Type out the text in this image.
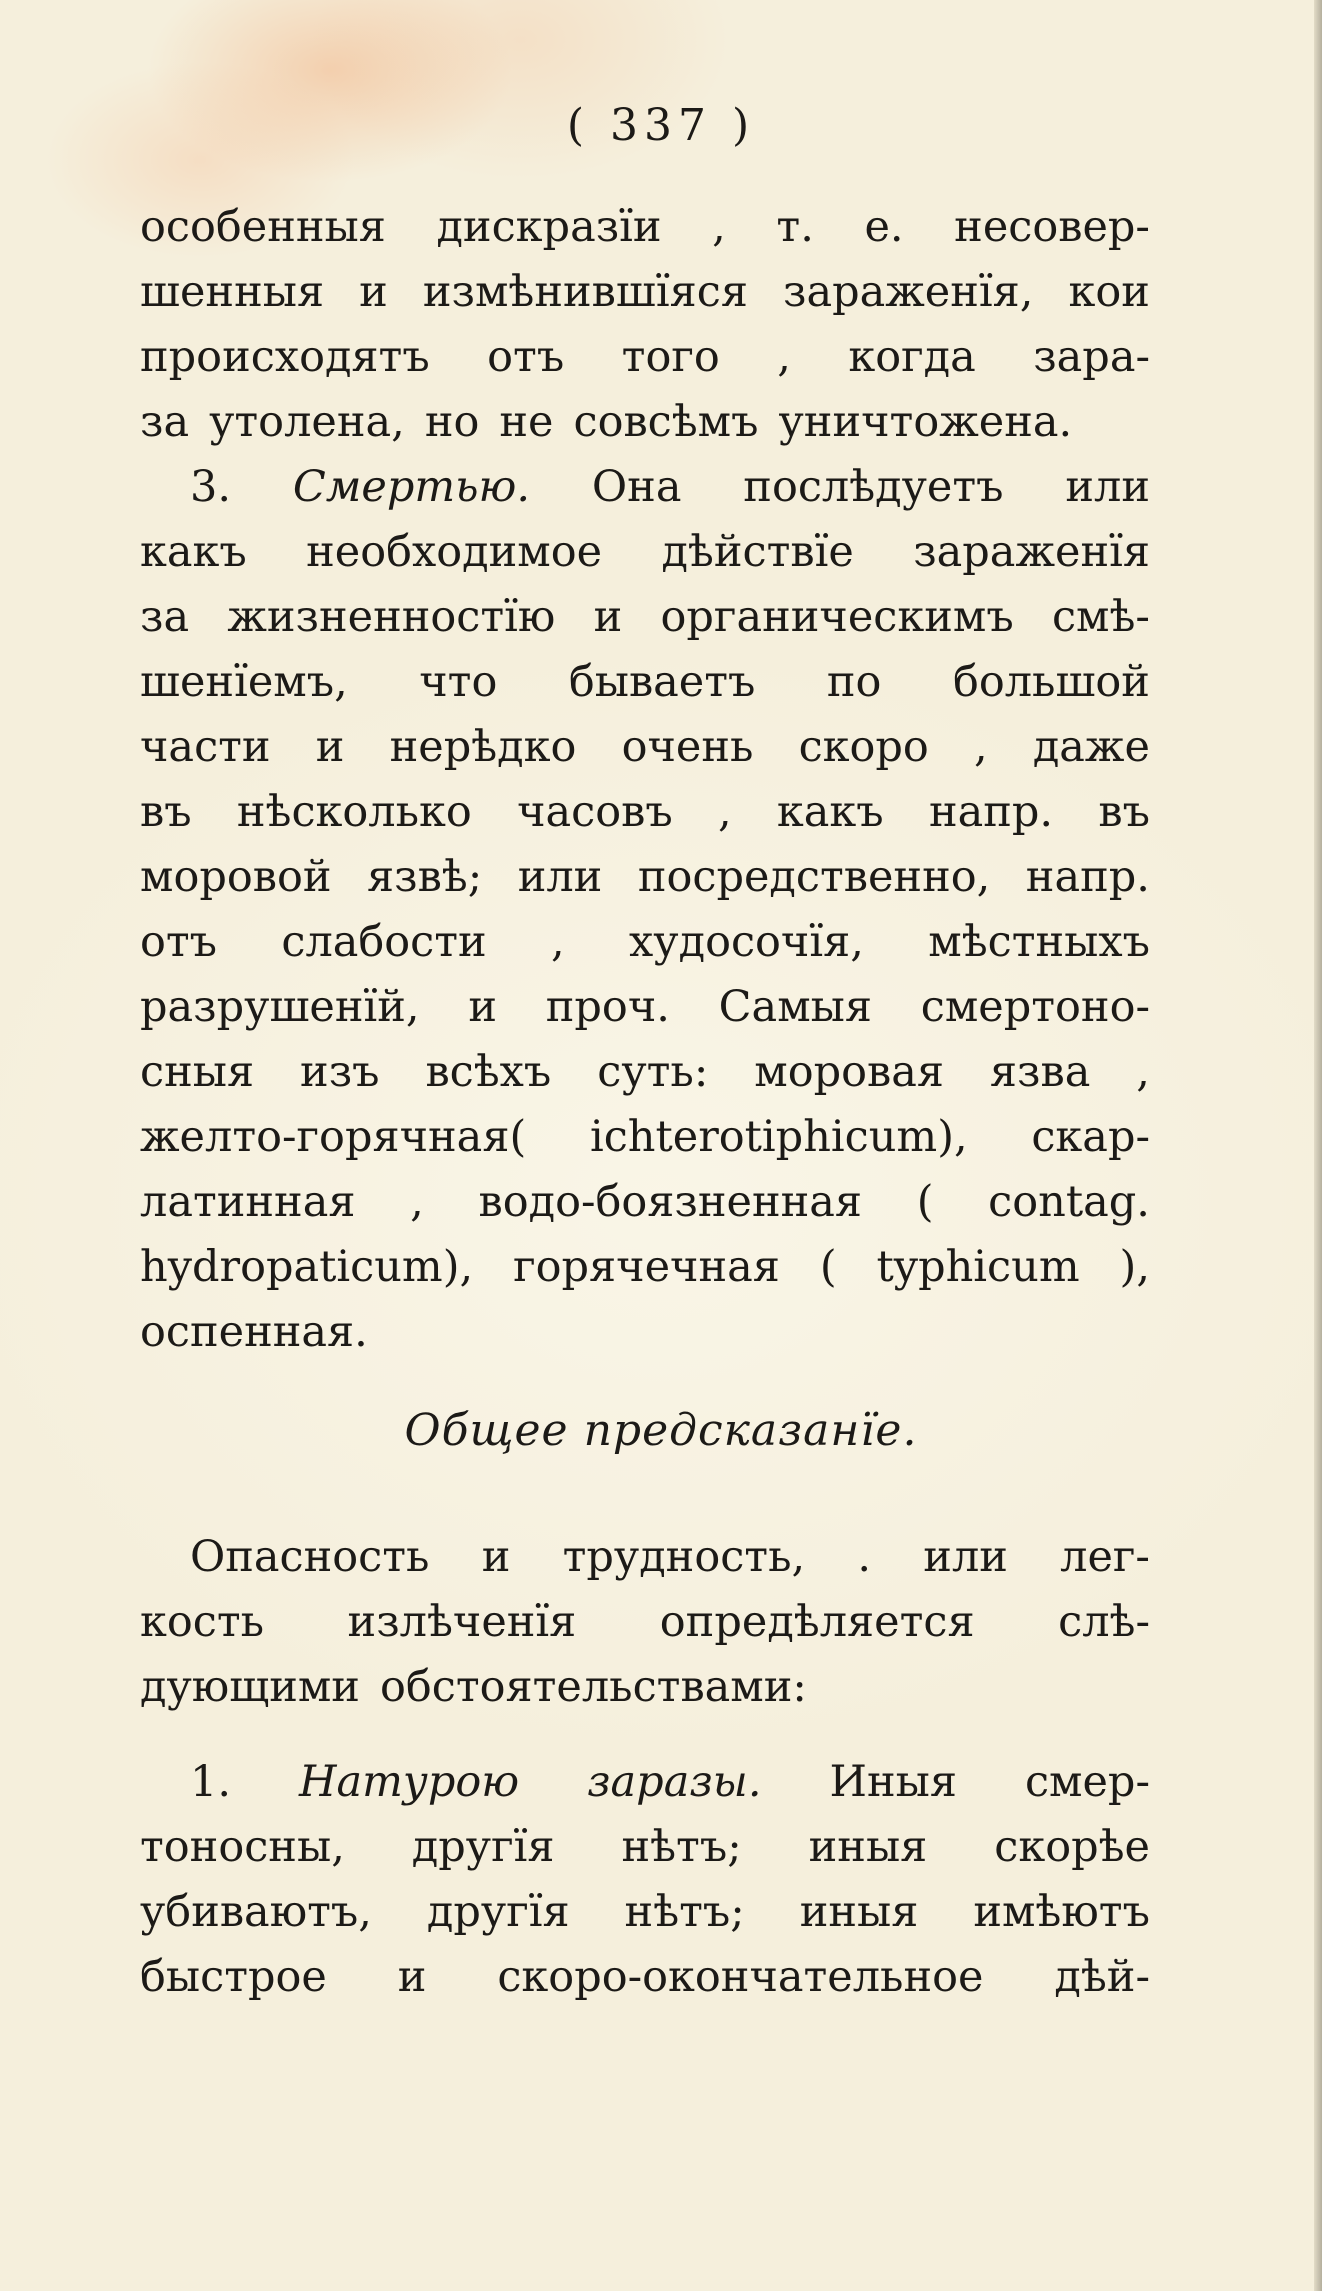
( 337 )
особенныя дискразїи , т. е. несовер-
шенныя и измѣнившїяся зараженїя, кои
происходятъ отъ того , когда зара-
за утолена, но не совсѣмъ уничтожена.
3. Смертью. Она послѣдуетъ или
какъ необходимое дѣйствїе зараженїя
за жизненностїю и органическимъ смѣ-
шенїемъ, что бываетъ по большой
части и нерѣдко очень скоро , даже
въ нѣсколько часовъ , какъ напр. въ
моровой язвѣ; или посредственно, напр.
отъ слабости , худосочїя, мѣстныхъ
разрушенїй, и проч. Самыя смертоно-
сныя изъ всѣхъ суть: моровая язва ,
желто-горячная( ichterotiphicum), скар-
латинная , водо-боязненная ( contag.
hydropaticum), горячечная ( typhicum ),
оспенная.
Общее предсказанїе.
Опасность и трудность, . или лег-
кость излѣченїя опредѣляется слѣ-
дующими обстоятельствами:
1. Натурою заразы. Иныя смер-
тоносны, другїя нѣтъ; иныя скорѣе
убиваютъ, другїя нѣтъ; иныя имѣютъ
быстрое и скоро-окончательное дѣй-
